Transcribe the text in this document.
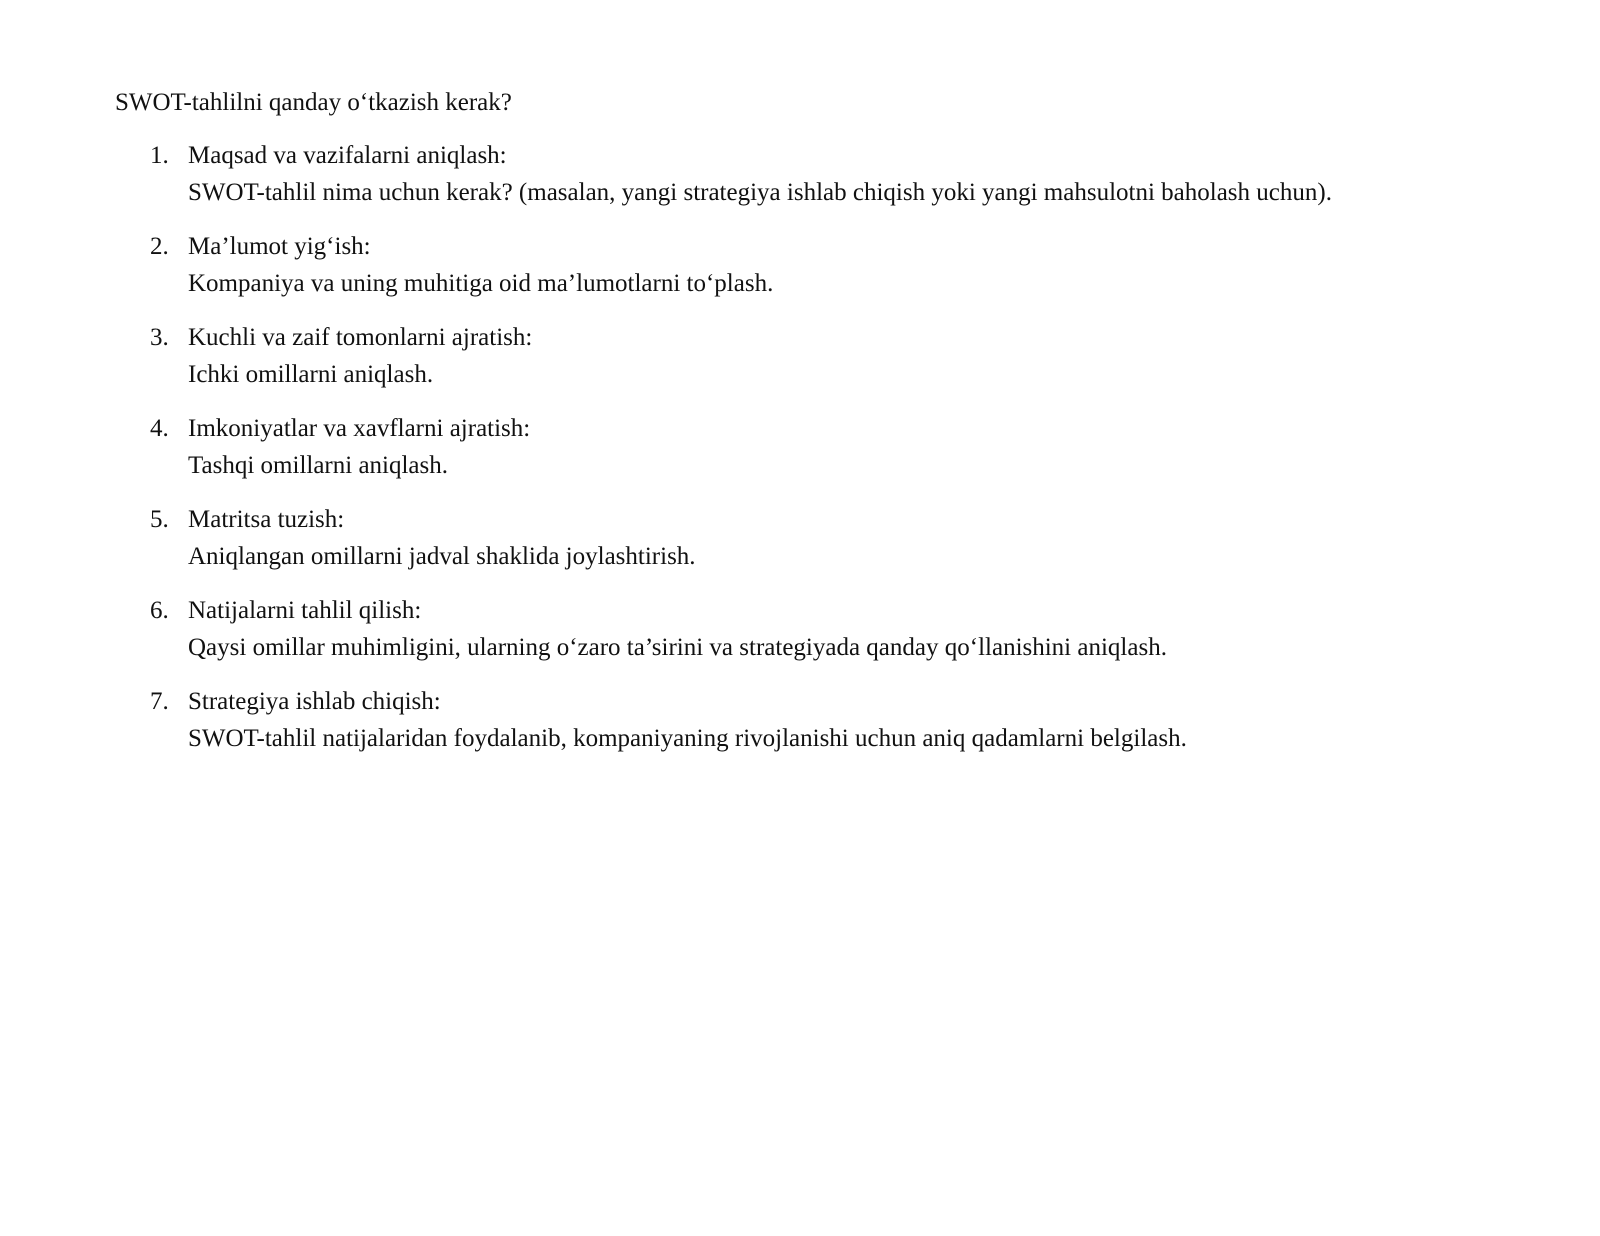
SWOT-tahlilni qanday o‘tkazish kerak?
1. Maqsad va vazifalarni aniqlash:
SWOT-tahlil nima uchun kerak? (masalan, yangi strategiya ishlab chiqish yoki yangi mahsulotni baholash uchun).
2. Ma’lumot yig‘ish:
Kompaniya va uning muhitiga oid ma’lumotlarni to‘plash.
3. Kuchli va zaif tomonlarni ajratish:
Ichki omillarni aniqlash.
4. Imkoniyatlar va xavflarni ajratish:
Tashqi omillarni aniqlash.
5. Matritsa tuzish:
Aniqlangan omillarni jadval shaklida joylashtirish.
6. Natijalarni tahlil qilish:
Qaysi omillar muhimligini, ularning o‘zaro ta’sirini va strategiyada qanday qo‘llanishini aniqlash.
7. Strategiya ishlab chiqish:
SWOT-tahlil natijalaridan foydalanib, kompaniyaning rivojlanishi uchun aniq qadamlarni belgilash.
